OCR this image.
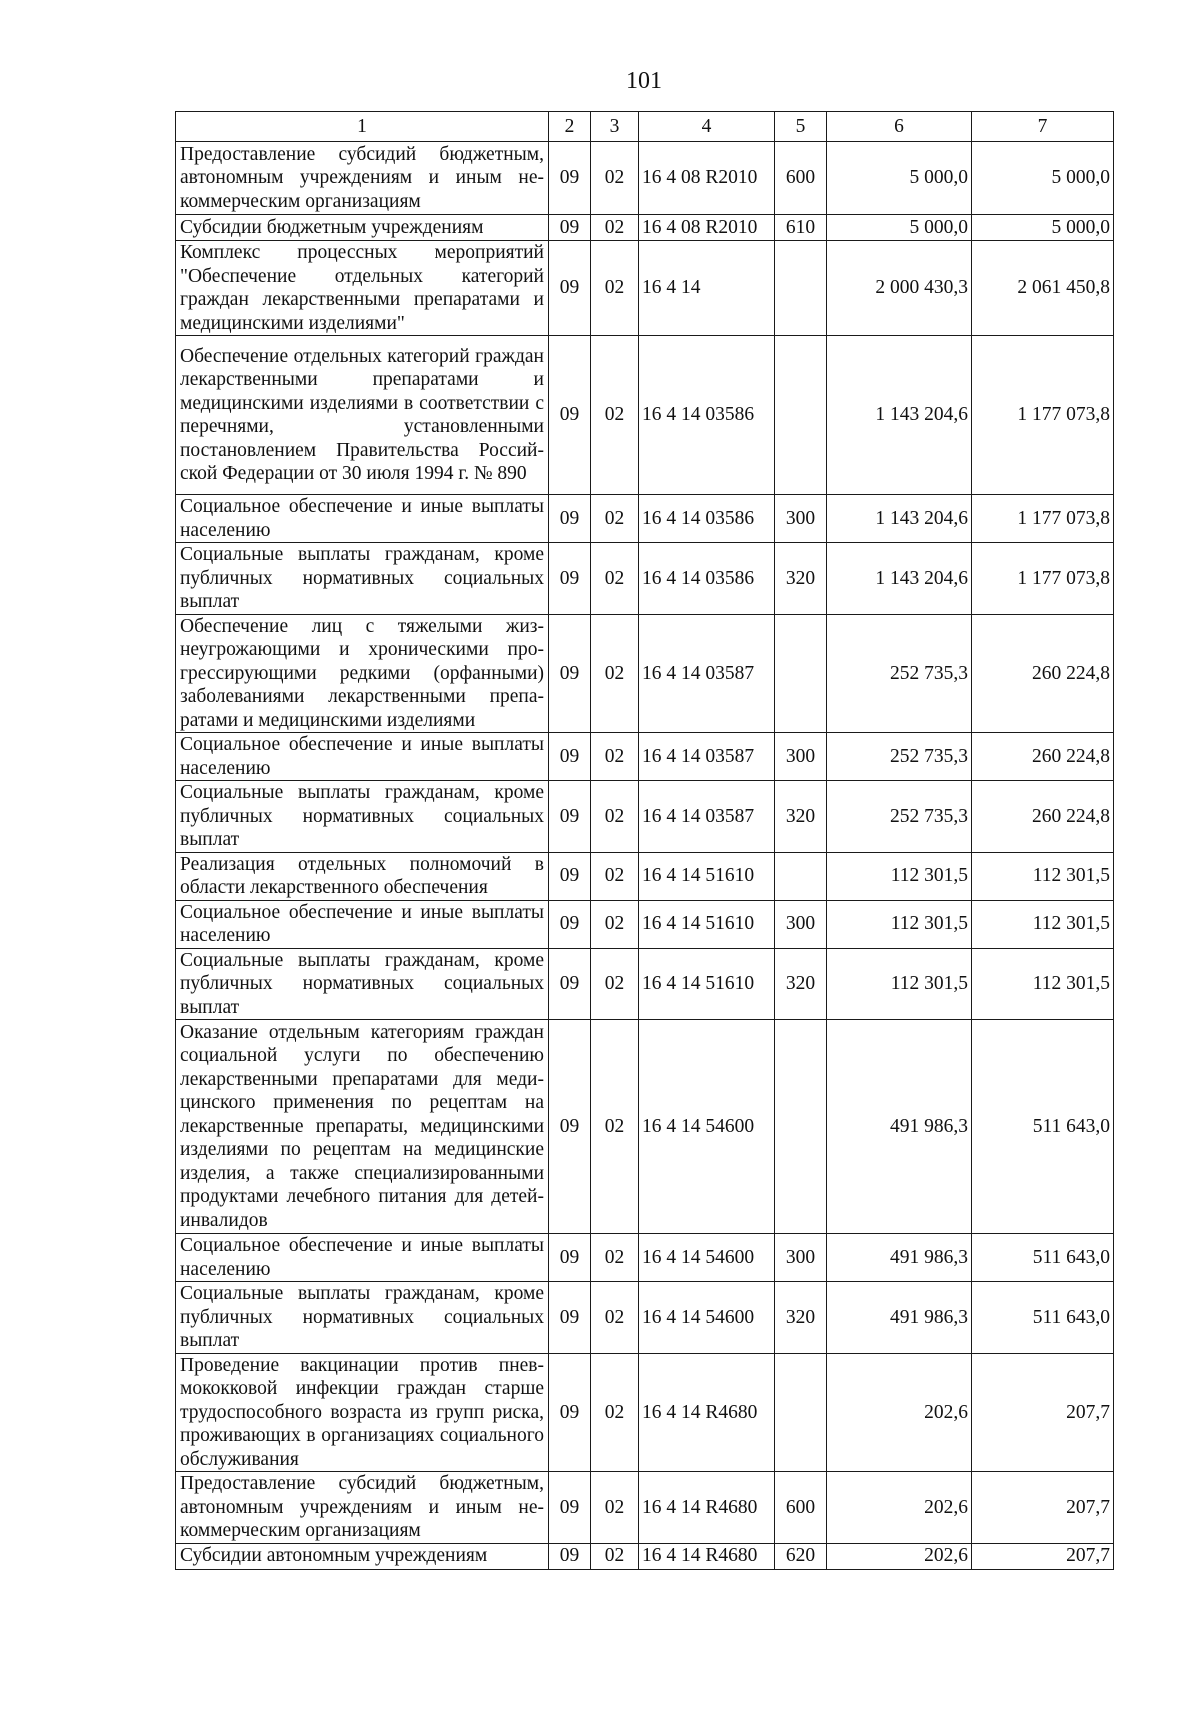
101
1	2	3	4	5	6	7
Предоставление субсидий бюджетным, автономным учреждениям и иным некоммерческим организациям	09	02	16 4 08 R2010	600	5 000,0	5 000,0
Субсидии бюджетным учреждениям	09	02	16 4 08 R2010	610	5 000,0	5 000,0
Комплекс процессных мероприятий "Обеспечение отдельных категорий граждан лекарственными препаратами и медицинскими изделиями"	09	02	16 4 14		2 000 430,3	2 061 450,8
Обеспечение отдельных категорий граждан лекарственными препаратами и медицинскими изделиями в соответствии с перечнями, установленными постановлением Правительства Российской Федерации от 30 июля 1994 г. № 890	09	02	16 4 14 03586		1 143 204,6	1 177 073,8
Социальное обеспечение и иные выплаты населению	09	02	16 4 14 03586	300	1 143 204,6	1 177 073,8
Социальные выплаты гражданам, кроме публичных нормативных социальных выплат	09	02	16 4 14 03586	320	1 143 204,6	1 177 073,8
Обеспечение лиц с тяжелыми жизнеугрожающими и хроническими прогрессирующими редкими (орфанными) заболеваниями лекарственными препаратами и медицинскими изделиями	09	02	16 4 14 03587		252 735,3	260 224,8
Социальное обеспечение и иные выплаты населению	09	02	16 4 14 03587	300	252 735,3	260 224,8
Социальные выплаты гражданам, кроме публичных нормативных социальных выплат	09	02	16 4 14 03587	320	252 735,3	260 224,8
Реализация отдельных полномочий в области лекарственного обеспечения	09	02	16 4 14 51610		112 301,5	112 301,5
Социальное обеспечение и иные выплаты населению	09	02	16 4 14 51610	300	112 301,5	112 301,5
Социальные выплаты гражданам, кроме публичных нормативных социальных выплат	09	02	16 4 14 51610	320	112 301,5	112 301,5
Оказание отдельным категориям граждан социальной услуги по обеспечению лекарственными препаратами для медицинского применения по рецептам на лекарственные препараты, медицинскими изделиями по рецептам на медицинские изделия, а также специализированными продуктами лечебного питания для детей-инвалидов	09	02	16 4 14 54600		491 986,3	511 643,0
Социальное обеспечение и иные выплаты населению	09	02	16 4 14 54600	300	491 986,3	511 643,0
Социальные выплаты гражданам, кроме публичных нормативных социальных выплат	09	02	16 4 14 54600	320	491 986,3	511 643,0
Проведение вакцинации против пневмококковой инфекции граждан старше трудоспособного возраста из групп риска, проживающих в организациях социального обслуживания	09	02	16 4 14 R4680		202,6	207,7
Предоставление субсидий бюджетным, автономным учреждениям и иным некоммерческим организациям	09	02	16 4 14 R4680	600	202,6	207,7
Субсидии автономным учреждениям	09	02	16 4 14 R4680	620	202,6	207,7
